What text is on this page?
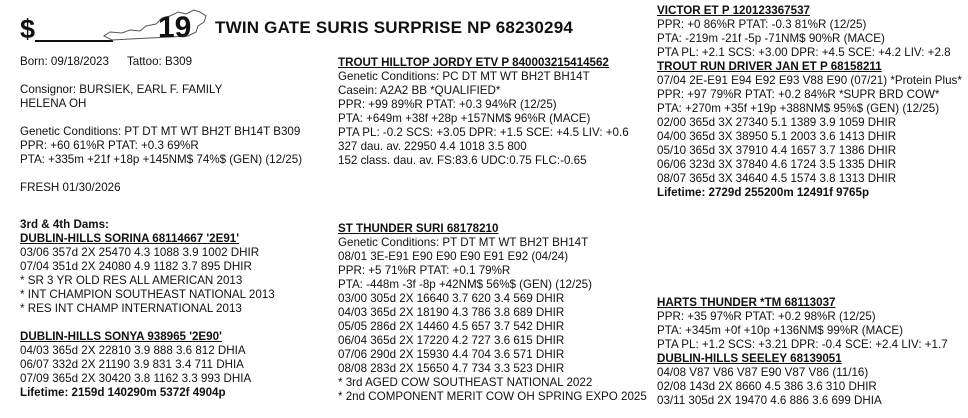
$	19 TWIN GATE SURIS SURPRISE NP 68230294
Born: 09/18/2023 Tattoo: B309
Consignor: BURSIEK, EARL F. FAMILY
HELENA OH
Genetic Conditions: PT DT MT WT BH2T BH14T B309
PPR: +60 61%R PTAT: +0.3 69%R
PTA: +335m +21f +18p +145NM$ 74%$ (GEN) (12/25)
FRESH 01/30/2026
3rd & 4th Dams:
DUBLIN-HILLS SORINA 68114667 '2E91'
03/06 357d 2X 25470 4.3 1088 3.9 1002 DHIR
07/04 351d 2X 24080 4.9 1182 3.7 895 DHIR
* SR 3 YR OLD RES ALL AMERICAN 2013
* INT CHAMPION SOUTHEAST NATIONAL 2013
* RES INT CHAMP INTERNATIONAL 2013
DUBLIN-HILLS SONYA 938965 '2E90'
04/03 365d 2X 22810 3.9 888 3.6 812 DHIA
06/07 332d 2X 21190 3.9 831 3.4 711 DHIA
07/09 365d 2X 30420 3.8 1162 3.3 993 DHIA
Lifetime: 2159d 140290m 5372f 4904p
TROUT HILLTOP JORDY ETV P 840003215414562
Genetic Conditions: PC DT MT WT BH2T BH14T
Casein: A2A2 BB *QUALIFIED*
PPR: +99 89%R PTAT: +0.3 94%R (12/25)
PTA: +649m +38f +28p +157NM$ 96%R (MACE)
PTA PL: -0.2 SCS: +3.05 DPR: +1.5 SCE: +4.5 LIV: +0.6
327 dau. av. 22950 4.4 1018 3.5 800
152 class. dau. av. FS:83.6 UDC:0.75 FLC:-0.65
ST THUNDER SURI 68178210
Genetic Conditions: PT DT MT WT BH2T BH14T
08/01 3E-E91 E90 E90 E90 E91 E92 (04/24)
PPR: +5 71%R PTAT: +0.1 79%R
PTA: -448m -3f -8p +42NM$ 56%$ (GEN) (12/25)
03/00 305d 2X 16640 3.7 620 3.4 569 DHIR
04/03 365d 2X 18190 4.3 786 3.8 689 DHIR
05/05 286d 2X 14460 4.5 657 3.7 542 DHIR
06/04 365d 2X 17220 4.2 727 3.6 615 DHIR
07/06 290d 2X 15930 4.4 704 3.6 571 DHIR
08/08 283d 2X 15650 4.7 734 3.3 523 DHIR
* 3rd AGED COW SOUTHEAST NATIONAL 2022
* 2nd COMPONENT MERIT COW OH SPRING EXPO 2025
VICTOR ET P 120123367537
PPR: +0 86%R PTAT: -0.3 81%R (12/25)
PTA: -219m -21f -5p -71NM$ 90%R (MACE)
PTA PL: +2.1 SCS: +3.00 DPR: +4.5 SCE: +4.2 LIV: +2.8
TROUT RUN DRIVER JAN ET P 68158211
07/04 2E-E91 E94 E92 E93 V88 E90 (07/21) *Protein Plus*
PPR: +97 79%R PTAT: +0.2 84%R *SUPR BRD COW*
PTA: +270m +35f +19p +388NM$ 95%$ (GEN) (12/25)
02/00 365d 3X 27340 5.1 1389 3.9 1059 DHIR
04/00 365d 3X 38950 5.1 2003 3.6 1413 DHIR
05/10 365d 3X 37910 4.4 1657 3.7 1386 DHIR
06/06 323d 3X 37840 4.6 1724 3.5 1335 DHIR
08/07 365d 3X 34640 4.5 1574 3.8 1313 DHIR
Lifetime: 2729d 255200m 12491f 9765p
HARTS THUNDER *TM 68113037
PPR: +35 97%R PTAT: +0.2 98%R (12/25)
PTA: +345m +0f +10p +136NM$ 99%R (MACE)
PTA PL: +1.2 SCS: +3.21 DPR: -0.4 SCE: +2.4 LIV: +1.7
DUBLIN-HILLS SEELEY 68139051
04/08 V87 V86 V87 E90 V87 V86 (11/16)
02/08 143d 2X 8660 4.5 386 3.6 310 DHIR
03/11 305d 2X 19470 4.6 886 3.6 699 DHIA
